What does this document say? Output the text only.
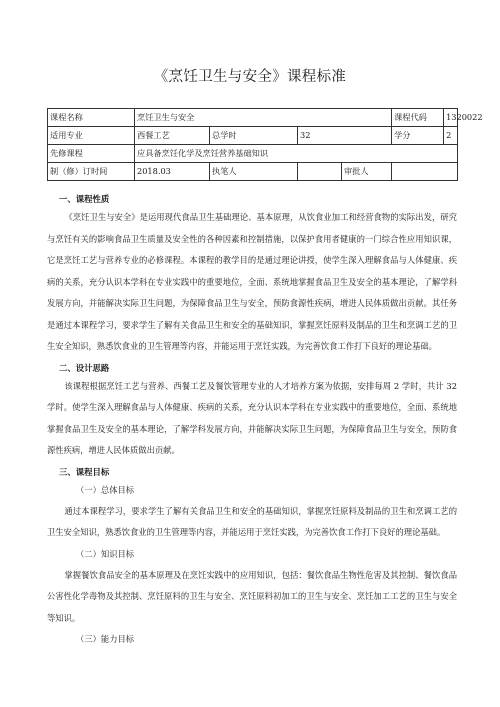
《烹饪卫生与安全》课程标准
课程名称	烹饪卫生与安全				课程代码	1320022
适用专业	西餐工艺	总学时	32		学分	2
先修课程	应具备烹饪化学及烹饪营养基础知识					
制（修）订时间	2018.03	执笔人		审批人		
一、课程性质

《烹饪卫生与安全》是运用现代食品卫生基础理论、基本原理，从饮食业加工和经营食物的实际出发，研究与烹饪有关的影响食品卫生质量及安全性的各种因素和控制措施，以保护食用者健康的一门综合性应用知识课，它是烹饪工艺与营养专业的必修课程。本课程的教学目的是通过理论讲授，使学生深入理解食品与人体健康、疾病的关系，充分认识本学科在专业实践中的重要地位，全面、系统地掌握食品卫生及安全的基本理论，了解学科发展方向，并能解决实际卫生问题，为保障食品卫生与安全，预防食源性疾病，增进人民体质做出贡献。其任务是通过本课程学习，要求学生了解有关食品卫生和安全的基础知识，掌握烹饪原料及制品的卫生和烹调工艺的卫生安全知识，熟悉饮食业的卫生管理等内容，并能运用于烹饪实践，为完善饮食工作打下良好的理论基础。

二、设计思路

该课程根据烹饪工艺与营养、西餐工艺及餐饮管理专业的人才培养方案为依据，安排每周 2 学时，共计 32 学时。使学生深入理解食品与人体健康、疾病的关系，充分认识本学科在专业实践中的重要地位，全面、系统地掌握食品卫生及安全的基本理论，了解学科发展方向，并能解决实际卫生问题，为保障食品卫生与安全，预防食源性疾病，增进人民体质做出贡献。

三、课程目标
（一）总体目标

通过本课程学习，要求学生了解有关食品卫生和安全的基础知识，掌握烹饪原料及制品的卫生和烹调工艺的卫生安全知识，熟悉饮食业的卫生管理等内容，并能运用于烹饪实践，为完善饮食工作打下良好的理论基础。

（二）知识目标

掌握餐饮食品安全的基本原理及在烹饪实践中的应用知识，包括：餐饮食品生物性危害及其控制、餐饮食品公害性化学毒物及其控制、烹饪原料的卫生与安全、烹饪原料初加工的卫生与安全、烹饪加工工艺的卫生与安全等知识。

（三）能力目标
